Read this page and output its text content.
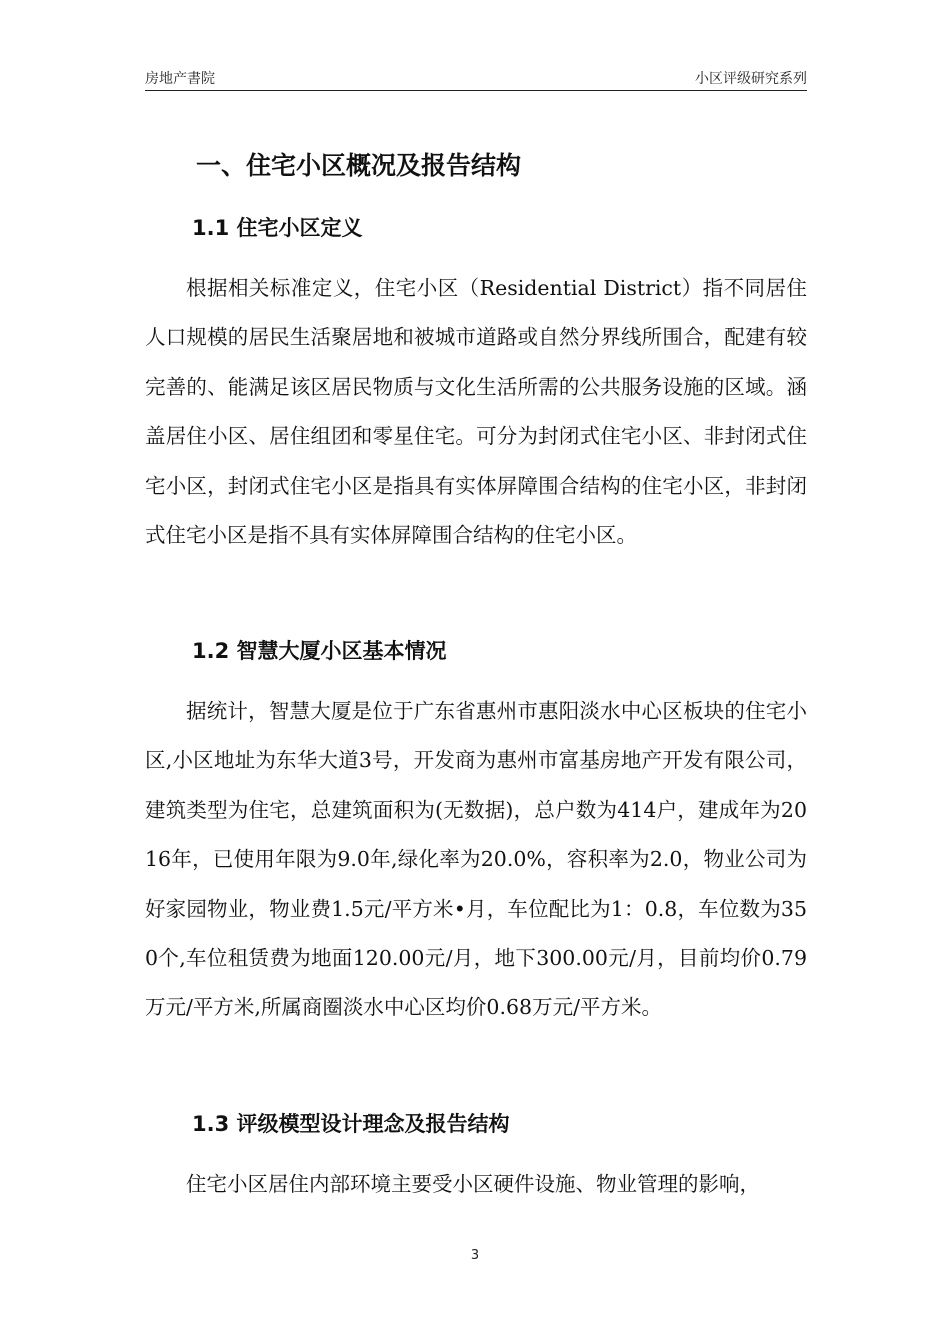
房地产書院	小区评级研究系列
一、住宅小区概况及报告结构
1.1 住宅小区定义

根据相关标准定义，住宅小区（Residential District）指不同居住人口规模的居民生活聚居地和被城市道路或自然分界线所围合，配建有较完善的、能满足该区居民物质与文化生活所需的公共服务设施的区域。涵盖居住小区、居住组团和零星住宅。可分为封闭式住宅小区、非封闭式住宅小区，封闭式住宅小区是指具有实体屏障围合结构的住宅小区，非封闭式住宅小区是指不具有实体屏障围合结构的住宅小区。

1.2 智慧大厦小区基本情况

据统计，智慧大厦是位于广东省惠州市惠阳淡水中心区板块的住宅小区,小区地址为东华大道3号，开发商为惠州市富基房地产开发有限公司，建筑类型为住宅，总建筑面积为(无数据)，总户数为414户，建成年为2016年，已使用年限为9.0年,绿化率为20.0%，容积率为2.0，物业公司为好家园物业，物业费1.5元/平方米•月，车位配比为1：0.8，车位数为350个,车位租赁费为地面120.00元/月，地下300.00元/月，目前均价0.79万元/平方米,所属商圈淡水中心区均价0.68万元/平方米。

1.3 评级模型设计理念及报告结构

住宅小区居住内部环境主要受小区硬件设施、物业管理的影响，

3
